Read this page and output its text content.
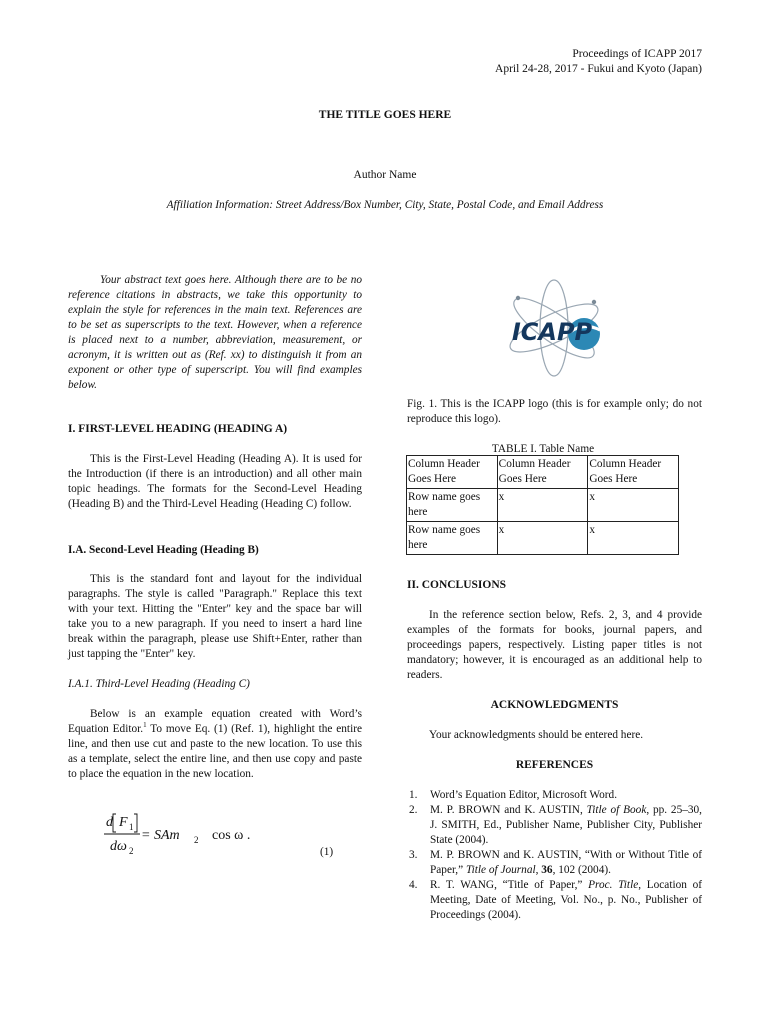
Proceedings of ICAPP 2017
April 24-28, 2017 - Fukui and Kyoto (Japan)
THE TITLE GOES HERE
Author Name
Affiliation Information: Street Address/Box Number, City, State, Postal Code, and Email Address

Your abstract text goes here. Although there are to be no reference citations in abstracts, we take this opportunity to explain the style for references in the main text. References are to be set as superscripts to the text. However, when a reference is placed next to a number, abbreviation, measurement, or acronym, it is written out as (Ref. xx) to distinguish it from an exponent or other type of superscript. You will find examples below.

I. FIRST-LEVEL HEADING (HEADING A)

This is the First-Level Heading (Heading A). It is used for the Introduction (if there is an introduction) and all other main topic headings. The formats for the Second-Level Heading (Heading B) and the Third-Level Heading (Heading C) follow.

I.A. Second-Level Heading (Heading B)

This is the standard font and layout for the individual paragraphs. The style is called "Paragraph." Replace this text with your text. Hitting the "Enter" key and the space bar will take you to a new paragraph. If you need to insert a hard line break within the paragraph, please use Shift+Enter, rather than just tapping the "Enter" key.

I.A.1. Third-Level Heading (Heading C)

Below is an example equation created with Word’s Equation Editor.$^1$ To move Eq. (1) (Ref. 1), highlight the entire line, and then use cut and paste to the new location. To use this as a template, select the entire line, and then use copy and paste to place the equation in the new location.

d F 1
dω 2
= SAm 2 cos ω .
(1)
ICAPP

Fig. 1. This is the ICAPP logo (this is for example only; do not reproduce this logo).

TABLE I. Table Name
Column Header Goes Here	Column Header Goes Here	Column Header Goes Here
Row name goes here	x	x
Row name goes here	x	x

II. CONCLUSIONS

In the reference section below, Refs. 2, 3, and 4 provide examples of the formats for books, journal papers, and proceedings papers, respectively. Listing paper titles is not mandatory; however, it is encouraged as an additional help to readers.

ACKNOWLEDGMENTS

Your acknowledgments should be entered here.

REFERENCES

1. Word’s Equation Editor, Microsoft Word.
2. M. P. BROWN and K. AUSTIN, Title of Book, pp. 25–30, J. SMITH, Ed., Publisher Name, Publisher City, Publisher State (2004).
3. M. P. BROWN and K. AUSTIN, “With or Without Title of Paper,” Title of Journal, 36, 102 (2004).
4. R. T. WANG, “Title of Paper,” Proc. Title, Location of Meeting, Date of Meeting, Vol. No., p. No., Publisher of Proceedings (2004).
